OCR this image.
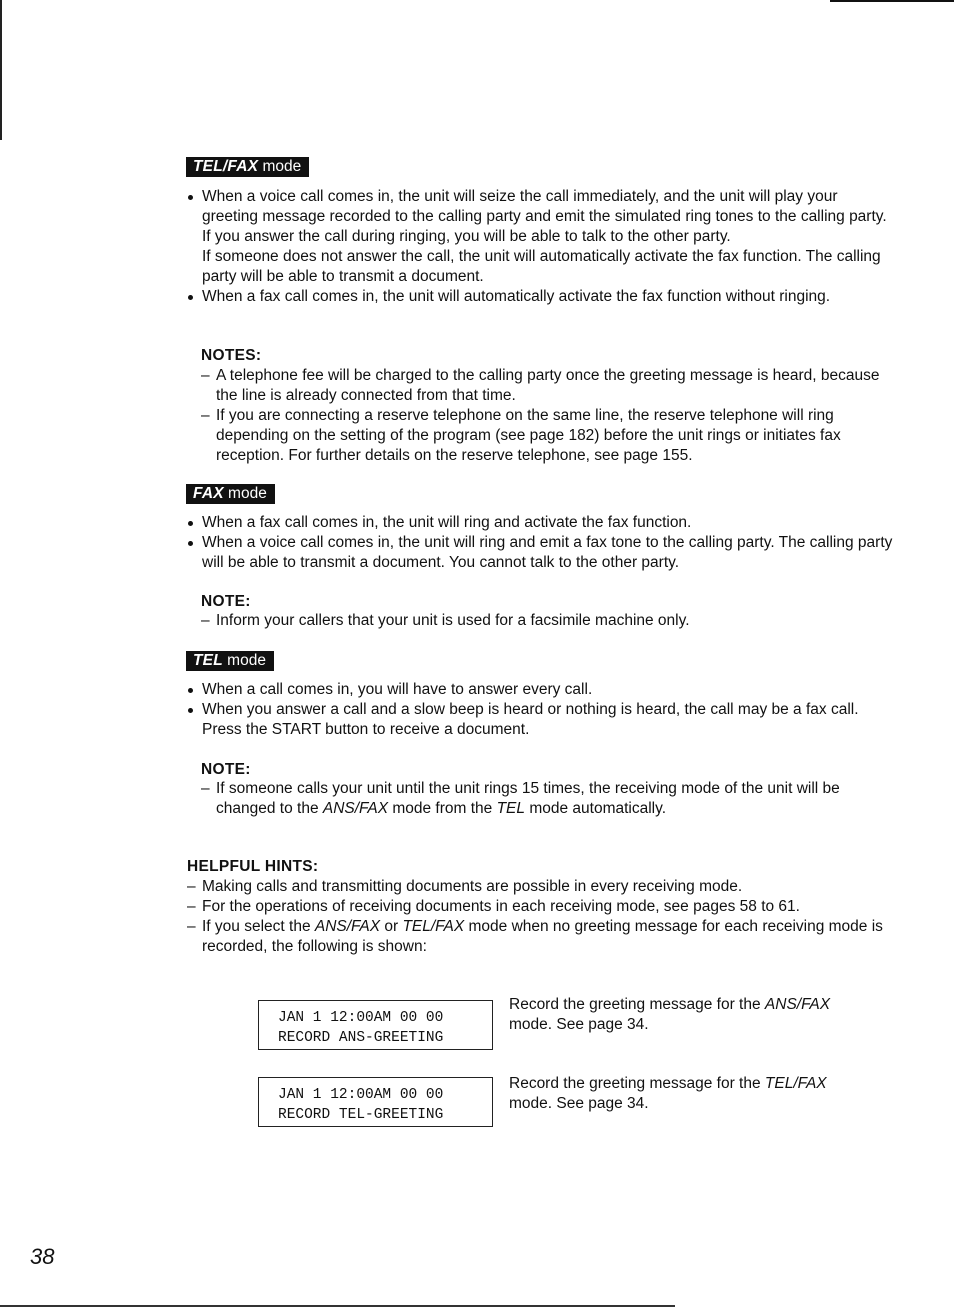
TEL/FAX mode

When a voice call comes in, the unit will seize the call immediately, and the unit will play your greeting message recorded to the calling party and emit the simulated ring tones to the calling party.

If you answer the call during ringing, you will be able to talk to the other party.

If someone does not answer the call, the unit will automatically activate the fax function. The calling party will be able to transmit a document.

When a fax call comes in, the unit will automatically activate the fax function without ringing.

NOTES:
– A telephone fee will be charged to the calling party once the greeting message is heard, because the line is already connected from that time.
– If you are connecting a reserve telephone on the same line, the reserve telephone will ring depending on the setting of the program (see page 182) before the unit rings or initiates fax reception. For further details on the reserve telephone, see page 155.
FAX mode

When a fax call comes in, the unit will ring and activate the fax function.

When a voice call comes in, the unit will ring and emit a fax tone to the calling party. The calling party will be able to transmit a document. You cannot talk to the other party.

NOTE:
– Inform your callers that your unit is used for a facsimile machine only.
TEL mode

When a call comes in, you will have to answer every call.

When you answer a call and a slow beep is heard or nothing is heard, the call may be a fax call. Press the START button to receive a document.

NOTE:
– If someone calls your unit until the unit rings 15 times, the receiving mode of the unit will be changed to the ANS/FAX mode from the TEL mode automatically.
HELPFUL HINTS:
– Making calls and transmitting documents are possible in every receiving mode.
– For the operations of receiving documents in each receiving mode, see pages 58 to 61.
– If you select the ANS/FAX or TEL/FAX mode when no greeting message for each receiving mode is recorded, the following is shown:
JAN 1 12:00AM 00 00
RECORD ANS-GREETING
Record the greeting message for the ANS/FAX
mode. See page 34.
JAN 1 12:00AM 00 00
RECORD TEL-GREETING
Record the greeting message for the TEL/FAX
mode. See page 34.
38
